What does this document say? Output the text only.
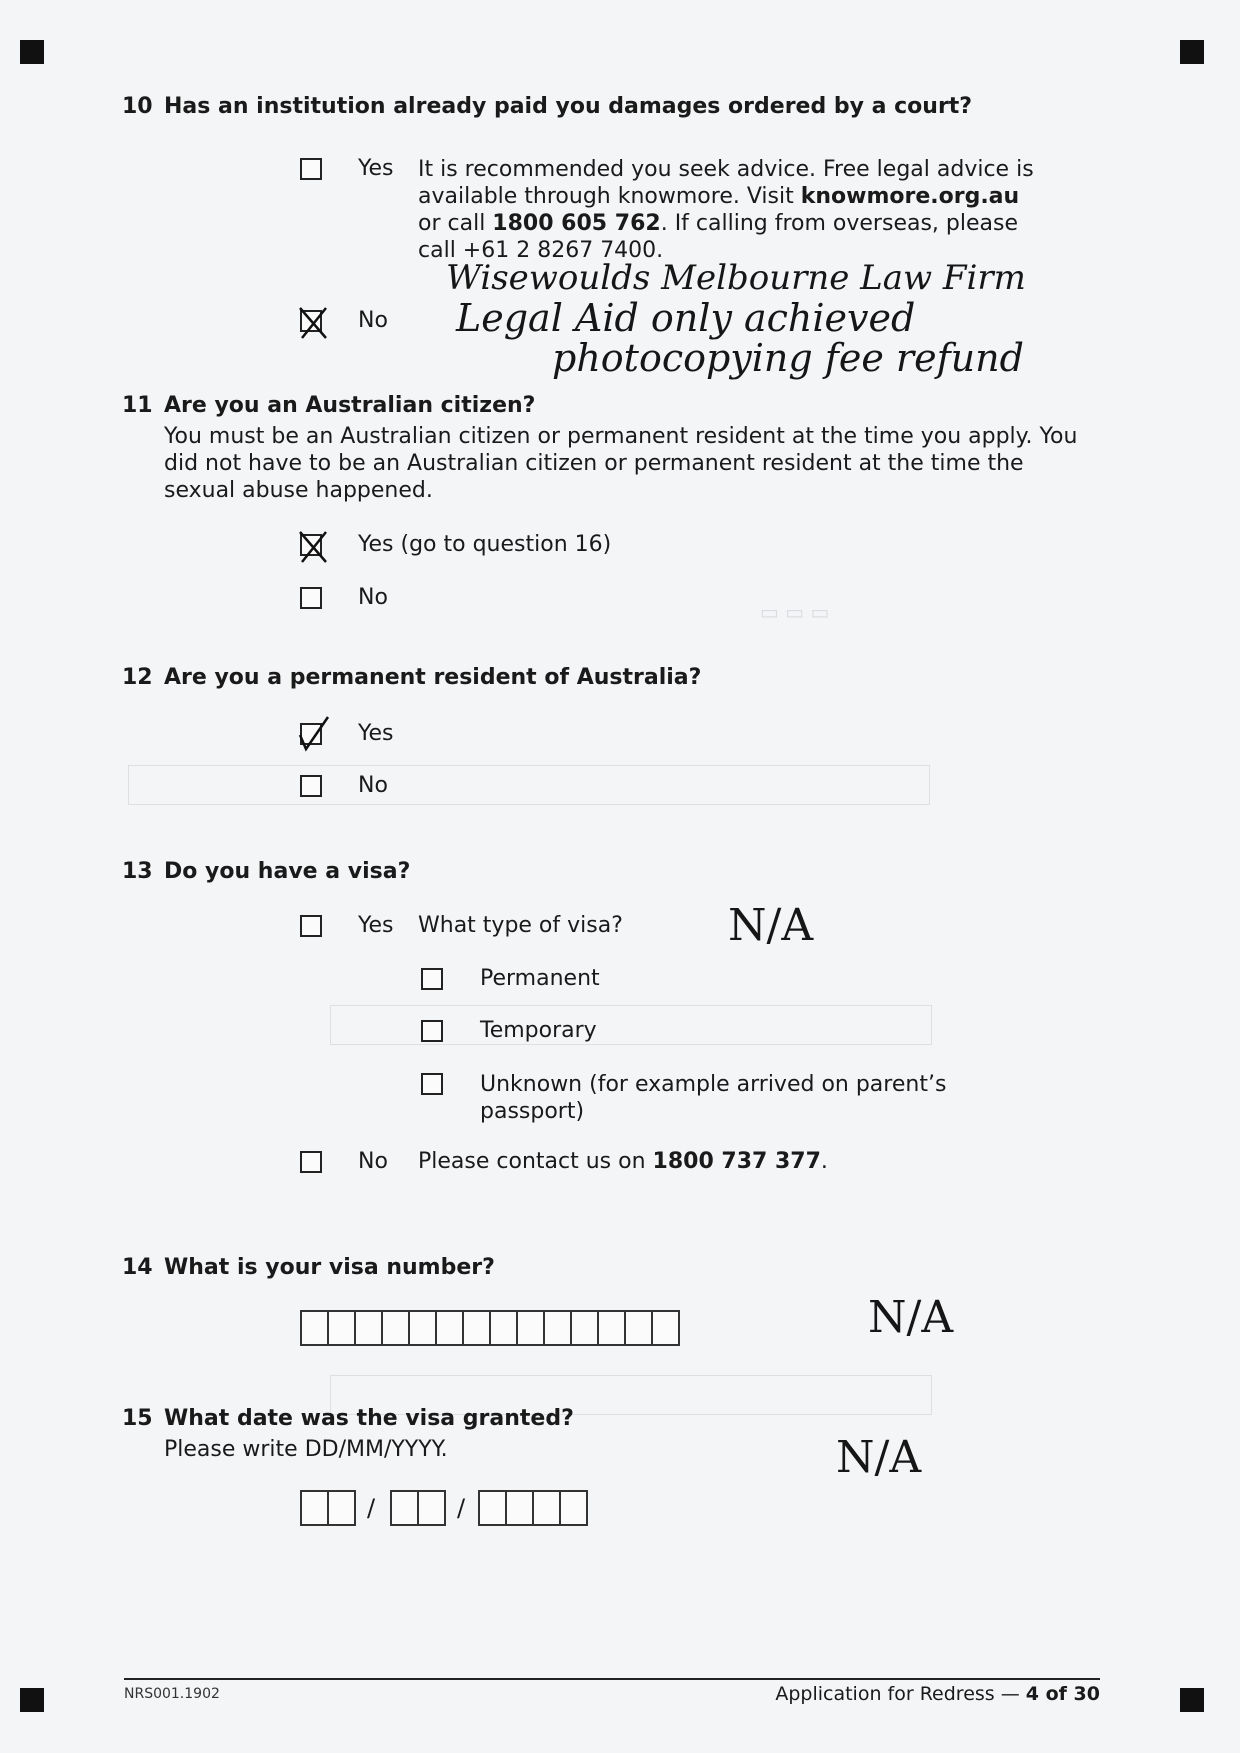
▭ ▭ ▭
10 Has an institution already paid you damages ordered by a court?
Yes It is recommended you seek advice. Free legal advice is available through knowmore. Visit knowmore.org.au or call 1800 605 762. If calling from overseas, please call +61 2 8267 7400.
No
Wisewoulds Melbourne Law Firm
Legal Aid only achieved
photocopying fee refund
11 Are you an Australian citizen?
You must be an Australian citizen or permanent resident at the time you apply. You did not have to be an Australian citizen or permanent resident at the time the sexual abuse happened.
Yes (go to question 16)
No
12 Are you a permanent resident of Australia?
Yes
No
13 Do you have a visa?
Yes What type of visa? N/A
Permanent
Temporary
Unknown (for example arrived on parent’s passport)
No Please contact us on 1800 737 377.
14 What is your visa number?
N/A
15 What date was the visa granted?
Please write DD/MM/YYYY.
/	/
N/A
NRS001.1902	Application for Redress — 4 of 30
